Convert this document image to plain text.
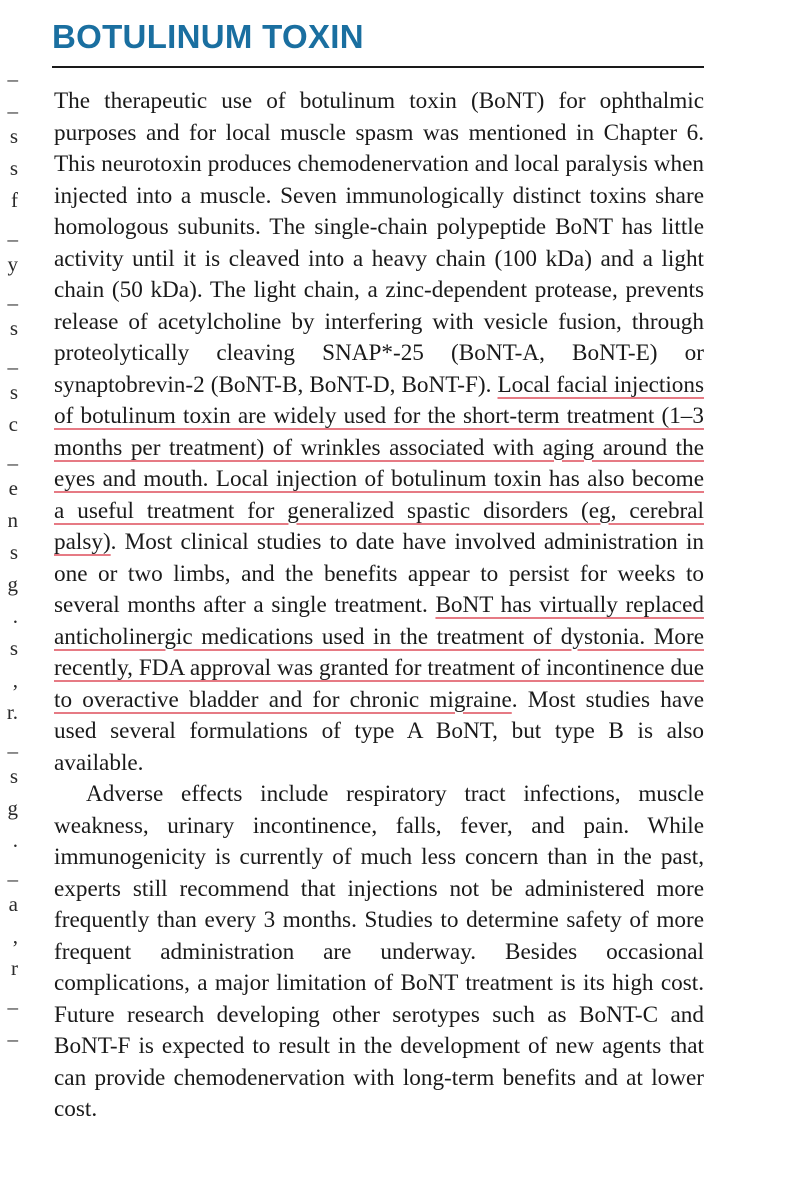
_
_
s
s
f
_
y
_
s
_
s
c
_
e
n
s
g
.
s
,
r.
_
s
g
.
_
a
,
r
_
_
BOTULINUM TOXIN

The therapeutic use of botulinum toxin (BoNT) for ophthalmic purposes and for local muscle spasm was mentioned in Chapter 6. This neurotoxin produces chemodenervation and local paralysis when injected into a muscle. Seven immunologically distinct toxins share homologous subunits. The single-chain polypeptide BoNT has little activity until it is cleaved into a heavy chain (100 kDa) and a light chain (50 kDa). The light chain, a zinc-dependent protease, prevents release of acetylcholine by interfering with vesicle fusion, through proteolytically cleaving SNAP*-25 (BoNT-A, BoNT-E) or synaptobrevin-2 (BoNT-B, BoNT-D, BoNT-F). Local facial injections of botulinum toxin are widely used for the short-term treatment (1–3 months per treatment) of wrinkles associated with aging around the eyes and mouth. Local injection of botulinum toxin has also become a useful treatment for generalized spastic disorders (eg, cerebral palsy). Most clinical studies to date have involved administration in one or two limbs, and the benefits appear to persist for weeks to several months after a single treatment. BoNT has virtually replaced anticholinergic medications used in the treatment of dystonia. More recently, FDA approval was granted for treatment of incontinence due to overactive bladder and for chronic migraine. Most studies have used several formulations of type A BoNT, but type B is also available.

Adverse effects include respiratory tract infections, muscle weakness, urinary incontinence, falls, fever, and pain. While immunogenicity is currently of much less concern than in the past, experts still recommend that injections not be administered more frequently than every 3 months. Studies to determine safety of more frequent administration are underway. Besides occasional complications, a major limitation of BoNT treatment is its high cost. Future research developing other serotypes such as BoNT-C and BoNT-F is expected to result in the development of new agents that can provide chemodenervation with long-term benefits and at lower cost.
